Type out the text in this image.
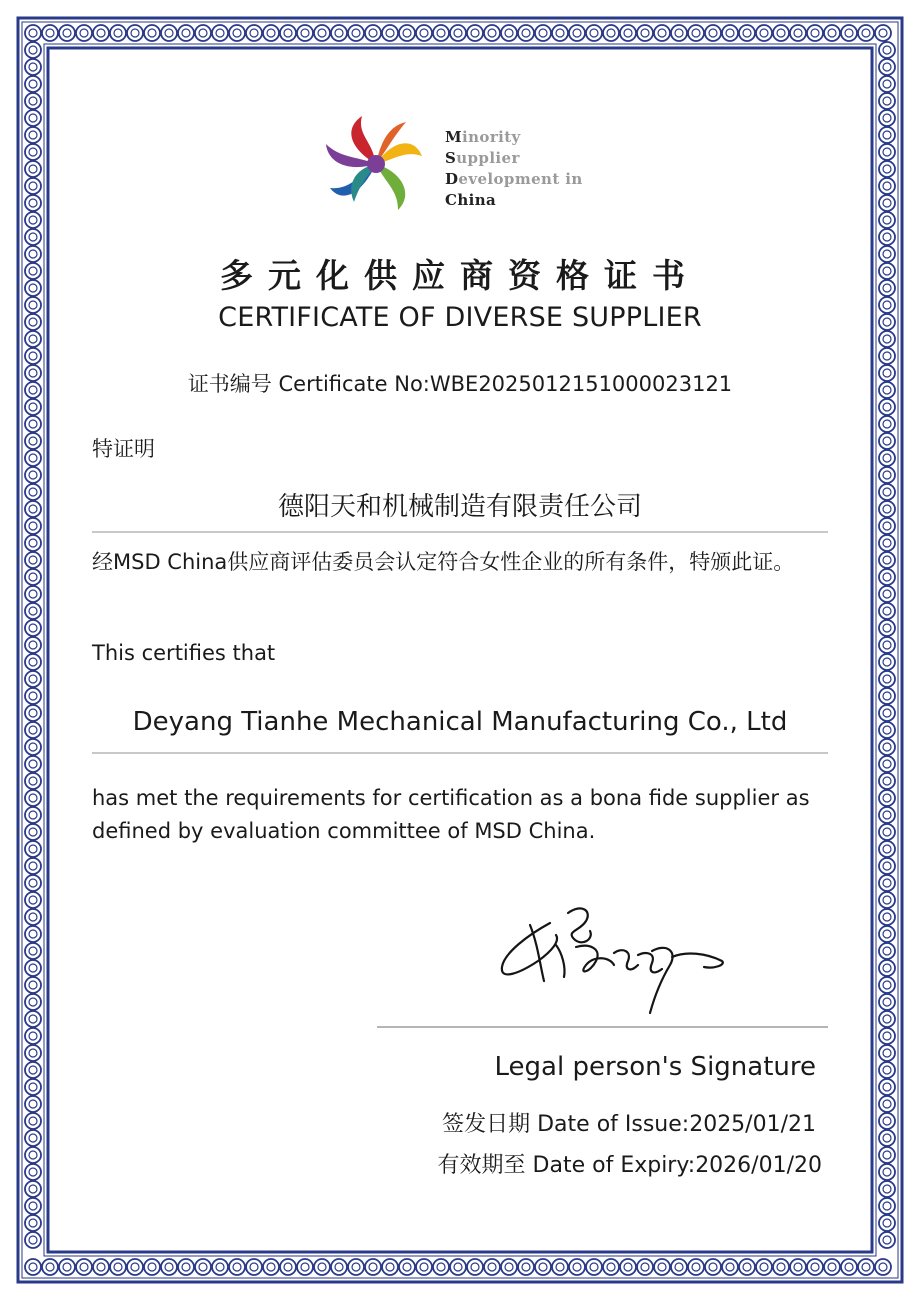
Minority
Supplier
Development in
China
多元化供应商资格证书
CERTIFICATE OF DIVERSE SUPPLIER
证书编号 Certificate No:WBE2025012151000023121
特证明
德阳天和机械制造有限责任公司
经MSD China供应商评估委员会认定符合女性企业的所有条件，特颁此证。
This certifies that
Deyang Tianhe Mechanical Manufacturing Co., Ltd
has met the requirements for certification as a bona fide supplier as defined by evaluation committee of MSD China.
Legal person's Signature
签发日期 Date of Issue:2025/01/21
有效期至 Date of Expiry:2026/01/20
